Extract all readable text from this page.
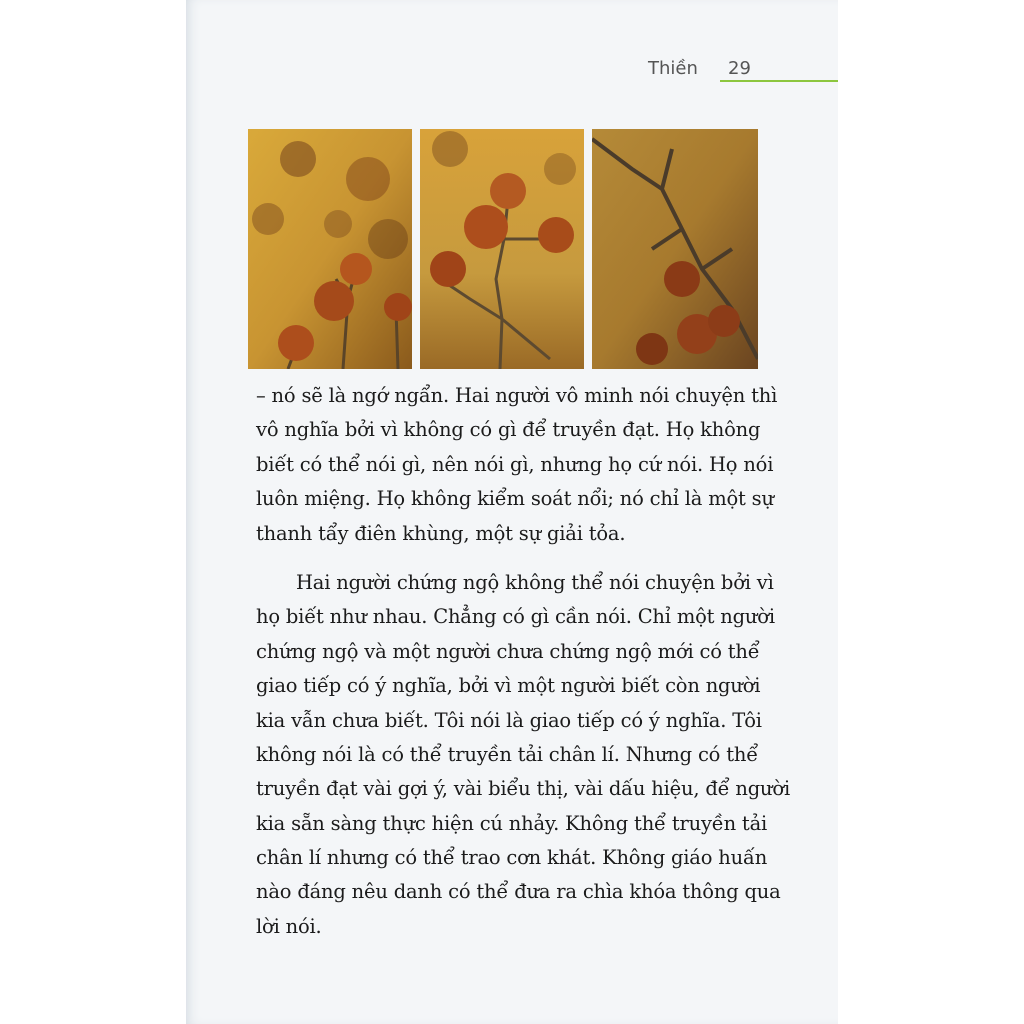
Thiền 29
– nó sẽ là ngớ ngẩn. Hai người vô minh nói chuyện thì
vô nghĩa bởi vì không có gì để truyền đạt. Họ không
biết có thể nói gì, nên nói gì, nhưng họ cứ nói. Họ nói
luôn miệng. Họ không kiểm soát nổi; nó chỉ là một sự
thanh tẩy điên khùng, một sự giải tỏa.
Hai người chứng ngộ không thể nói chuyện bởi vì
họ biết như nhau. Chẳng có gì cần nói. Chỉ một người
chứng ngộ và một người chưa chứng ngộ mới có thể
giao tiếp có ý nghĩa, bởi vì một người biết còn người
kia vẫn chưa biết. Tôi nói là giao tiếp có ý nghĩa. Tôi
không nói là có thể truyền tải chân lí. Nhưng có thể
truyền đạt vài gợi ý, vài biểu thị, vài dấu hiệu, để người
kia sẵn sàng thực hiện cú nhảy. Không thể truyền tải
chân lí nhưng có thể trao cơn khát. Không giáo huấn
nào đáng nêu danh có thể đưa ra chìa khóa thông qua
lời nói.
